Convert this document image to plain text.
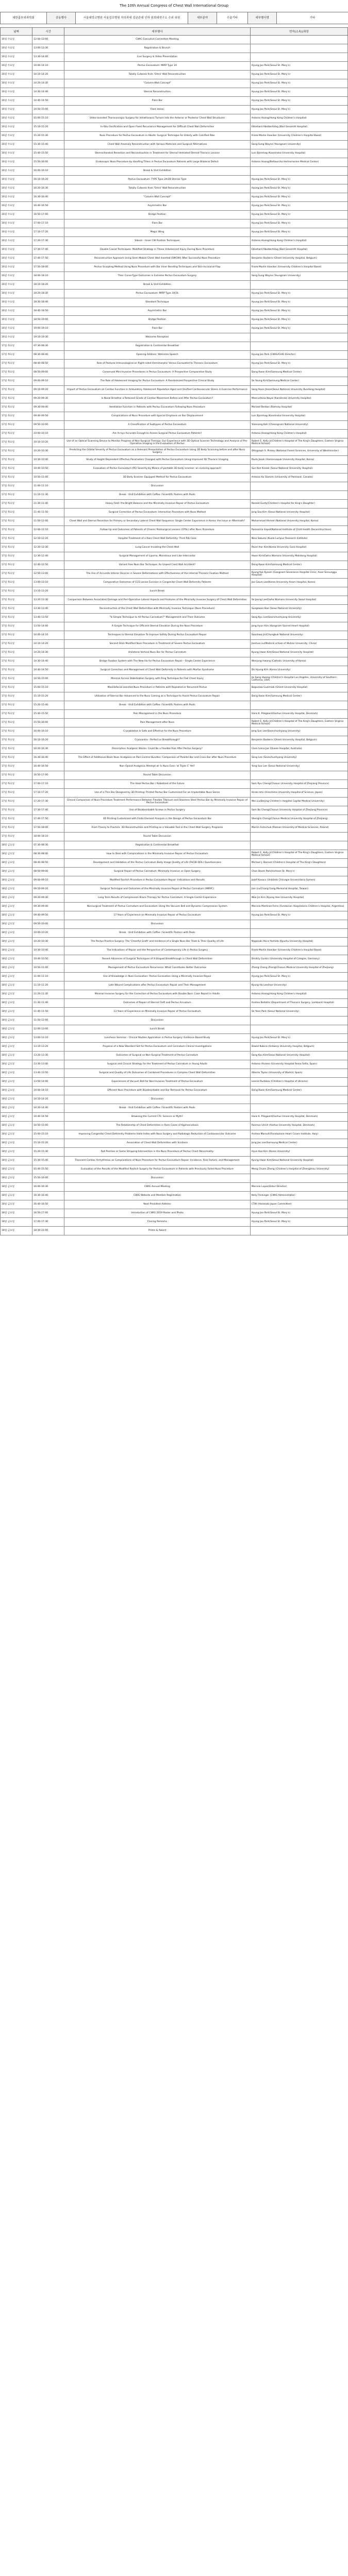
The 10th Annual Congress of Chest Wall International Group
대한흉부외과학회	공동행사	서울대학교병원 서울성모병원 차의과대 성균관대 인하 원희대연구소 수외 외원	세부분야	수술기타	세부행사명	기타
날짜	시간	세부행사	연자(소속)/좌장
16일 수요일	12:00-13:00	CWIG Executive Committee Meeting	
16일 수요일	13:00-13:30	Registration & Brunch	
16일 수요일	13:30-14:00	Live Surgery & Video Presentation	
16일 수요일	14:00-14:10	Pectus Excavatum: MIRP Type 1A	Hyung Joo Park(Seoul St. Mary's)
16일 수요일	14:10-14:20	Totally Cutaneo from 'Omni' Wall Reconstruction	Hyung Joo Park(Seoul St. Mary's)
16일 수요일	14:20-14:30	"Column-Wall Concept"	Hyung Joo Park(Seoul St. Mary's)
16일 수요일	14:30-14:40	Sternal Reconstruction	Hyung Joo Park(Seoul St. Mary's)
16일 수요일	14:40-14:50	Flare Bar	Hyung Joo Park(Seoul St. Mary's)
16일 수요일	14:50-15:00	Flare lesion	Hyung Joo Park(Seoul St. Mary's)
16일 수요일	15:00-15:10	Video-assisted Thoracoscopic Surgery for Intrathoracic Tumors Into the Anterior or Posterior Chest Wall Structures	Antonio Hoang(Hong Kong Children's Hospital)
16일 수요일	15:10-15:20	In-Situ Ossification and Open Fixed Recurrence Management for Difficult Chest Wall Deformities	Ekkehard Abolbertidag (Bad Gesamth Hospital)
16일 수요일	15:20-15:30	Nuss Procedure for Pectus Excavatum in Adults: Surgical Technique for Elderly with Calcified Ribs	Frank-Martin Haecker (University Children's Hospital Basel)
16일 수요일	15:30-15:40	Chest Wall Anomaly Reconstruction with Various Materials and Surgical Alternatives	Sang-Sung Wayne (Yeungnam University)
16일 수요일	15:40-15:50	Sternochondral Resection and Reconstruction in Treatment for Sternal Hemiated Sternal-Thoracic Lesions	Luis Bjornhag (Karolinska University Hospital)
16일 수요일	15:50-16:00	Endoscopic Nuss Procedure by Hanifing Tillers in Pectus Excavatum Patients with Large Bilateral Defect	Antonio Hoang(Beltoursha Hertromarien Medical Center)
16일 수요일	16:00-16:10	Break & Visit Exhibition	
16일 수요일	16:10-16:20	Pectus Excavatum: TYPE Type 2A/2B Sternal Type	Hyung Joo Park(Seoul St. Mary's)
16일 수요일	16:20-16:30	Totally Cutaneo from 'Omni' Wall Reconstruction	Hyung Joo Park(Seoul St. Mary's)
16일 수요일	16:30-16:40	"Column-Wall Concept"	Hyung Joo Park(Seoul St. Mary's)
16일 수요일	16:40-16:50	Asymmetric Bar	Hyung Joo Park(Seoul St. Mary's)
16일 수요일	16:50-17:00	Bridge Position	Hyung Joo Park(Seoul St. Mary's)
16일 수요일	17:00-17:10	Flare Bar	Hyung Joo Park(Seoul St. Mary's)
16일 수요일	17:10-17:20	Magic Wing	Hyung Joo Park(Seoul St. Mary's)
16일 수요일	17:20-17:30	Sibson - Inner CW Fixation Techniques	Antonio Hoang(Hong Kong Children's Hospital)
16일 수요일	17:30-17:40	Double Cassel Techniques: Modified Strategy in Those Unbalanced Injury During Nuss Procedure	Ekkehard Abolbertidag (Bad Gesamth Hospital)
16일 수요일	17:40-17:50	Reconstructive Approach Using Semi-Mobile Chest Wall Inserted (SMCWI) After Successful Nuss Procedure	Benjamin Barbera (Ghent University Hospital, Belgium)
16일 수요일	17:50-18:00	Pectus Sculpting Method Using Nuss Procedure with Bar Inner Bending Techniques and Skin-Incisional Flap	Frank-Martin Haecker (University Children's Hospital Basel)
16일 수요일	18:00-18:10	Their Carve-Type Outcomes in Extreme Pectus Excavatum Surgery	Sang-Sung Wayne (Yeungnam University)
16일 수요일	18:10-18:20	Break & Visit Exhibition	
16일 수요일	18:20-18:30	Pectus Excavatum: MIRP Type 3A/3L	Hyung Joo Park(Seoul St. Mary's)
16일 수요일	18:30-18:40	Standard Technique	Hyung Joo Park(Seoul St. Mary's)
16일 수요일	18:40-18:50	Asymmetric Bar	Hyung Joo Park(Seoul St. Mary's)
16일 수요일	18:50-19:00	Bridge Position	Hyung Joo Park(Seoul St. Mary's)
16일 수요일	19:00-19:10	Flare Bar	Hyung Joo Park(Seoul St. Mary's)
16일 수요일	19:10-19:30	Welcome Reception	
17일 목요일	07:30-08:30	Registration & Continental Breakfast	
17일 목요일	08:30-08:40	Opening Address: Welcome Speech	Hyung Joo Park (CWIG/CHIG Director)
17일 목요일	08:40-08:50	Role of Postural Immunological on Right-sided Hemimorphic Versus Excavated to Thoracic Excavatum	Hyung Joo Park(Seoul St. Mary's)
17일 목요일	08:50-09:00	Conserved Mini-Invasive Procedures in Pectus Excavatum: A Prospective Comparative Study	Dong Kwan Kim(Samsung Medical Center)
17일 목요일	09:00-09:10	The Role of Adolescent Imaging for Pectus Excavatum: A Randomized Prospective Clinical Study	Se Young Kim(Samsung Medical Center)
17일 목요일	09:10-09:20	Impact of Pectus Excavatum on Cardiac Function in Ambulatory Adolescent Population Aged and Ossified Cardiovascular Stress in Exercise Performance	Sang Hoon Jheon(Seoul National University Bundang Hospital)
17일 목요일	09:20-09:30	Is Nasal Breather a Retained Grade of Cardiac Movement Before and After Pectus Excavatum?	Meerushkaa Nayal (Karolinska University Hospital)
17일 목요일	09:30-09:40	Ventilation Function in Patients with Pectus Excavatum Following Nuss Procedure	Michael Berbas (Ramsey Hospital)
17일 목요일	09:40-09:50	Complications of Nuss Procedure with Special Emphasis on Bar Displacement	Luis Bjornhag (Karolinska University Hospital)
17일 목요일	09:50-10:00	A Classification of Subtypes of Pectus Excavatum	Yoonsang Koh (Cheongnam National University)
17일 목요일	10:00-10:10	Are X-rays Accurate Enough to Assess Surgical Pectus Excavatum Patients?	Antonio Hoang(Hong Kong Children's Hospital)
17일 목요일	10:10-10:20	Use of an Optical Scanning Device to Monitor Progress of Non-Surgical Therapy: Our Experience with 3D Optical Scanner Technology and Analysis of Pre-Operative Imaging in the Evaluation of Pectus	Robert E. Kelly Jr(Children's Hospital of The King's Daughters, Eastern Virginia Medical School)
17일 목요일	10:20-10:30	Predicting the Orbital Severity of Pectus Excavatum as a Relevant Presentation of Pectus Excavatum Using 3D Body Scanning before and after Nuss Surgery	Ottograph S. Pinkey (National Forest Sciences, University of Westminster)
17일 목요일	10:30-10:40	Study of Height-Dependent Effective Parameters Changed with Pectus Excavatum Using Improved 3D Thoracic Imaging	Pavla Jasek (Hamonsapuk University Hospital, Korea)
17일 목요일	10:40-10:50	Evaluation of Pectus Excavatum (PE) Severity by Means of portable 3D body scanner: an evolving approach	Sun Kee Kiseok (Seoul National University Hospital)
17일 목요일	10:50-11:00	3D Body Scanner Equipped Method for Pectus Excavatum	Antonio Ko Siomim (University of Parkland, Canada)
17일 목요일	11:00-11:10	Discussion	
17일 목요일	11:10-11:30	Break · Visit Exhibition with Coffee / Scientific Posters with Pools	
17일 목요일	11:30-11:40	Heavy Field: the Bright Balance and the Minimally Invasive Repair of Pectus Excavatum	Ronald Gusty(Children's Hospital for King's Daughter)
17일 목요일	11:40-11:50	Surgical Correction of Pectus Excavatum: Interaction Procedure with Nuss Method	Jong Soo Kim (Seoul National University Hospital)
17일 목요일	11:50-12:00	Chest Wall and Sternal Resection for Primary or Secondary Lateral Chest Wall Sequence: Single Center Experience in Korea: the Issue or Aftermath?	Mohammad Ahmed (National University Hospital, Korea)
17일 목요일	12:00-12:10	Follow-Up and Outcomes of Patients of Chronic Postsurgical Lesions (CPSL) after Nuss Procedure	Ramezina Gopal(National Institute of Child Health Deconstructions)
17일 목요일	12:10-12:20	Hospital Treatment of a Rare Chest Wall Deformity: Third Rib Case	Nina Sakurai (Kuala Lumpur Research Institute)
17일 목요일	12:20-12:30	Lung Cancer Invading the Chest Wall	Pavel Ihor Kim(Korea University Guro Hospital)
17일 목요일	12:30-12:40	Surgical Management of Lipoma, Monstrous and Like Intercostal	Hwan Kim(Ewha Womans University Mokdong Hospital)
17일 목요일	12:40-12:50	Variant Free Nuss Bar Technique: An Unwed Crest Wall Accident?	Dong Kwan Kim(Samsung Medical Center)
17일 목요일	12:50-13:00	The Use of Accurate Interior Devices in Severe Deformations with Effectiveness of the Internal Thoracic Fixation Method	Kyung-Yuk Ryeom (Gangnam Severance Hospital Clinic, Asan Sinsunggu Hospital)
17일 목요일	13:00-13:10	Comparative Outcomes of CCS Lesion Excision in Congenital Chest Wall Deformity Patients	Jae Geum Lee(Korea University Anam Hospital, Korea)
17일 목요일	13:10-13:20	Lunch Break	
17일 목요일	13:20-13:30	Comparison Between Associated Damage and Peri-Operative Lateral Aspects and Features of the Minimally Invasive Surgery of Chest Wall Deformities	So Jeong Lee(Ewha Womans University Seoul Hospital)
17일 목요일	13:30-13:40	Reconstruction of the Chest Wall Deformities with Minimally Invasive Technique (Nuss Procedure)	Sungkwon Bae (Seoul National University)
17일 목요일	13:40-13:50	"Is Simple Technique to All Pectus Carinatum?" Management and Their Outcome	Sang Kyu Lee(Soonchunhyang University)
17일 목요일	13:50-14:00	A Simple Technique for Efficient Sternal Elevation During the Nuss Procedure	Jong Hyun Kim (Kangnam Sacred Heart Hospital)
17일 목요일	14:00-14:10	Techniques to Sternal Elevation To Improve Safety During Pectus Excavatum Repair	Soonhwa Jin(Chungbuk National University)
17일 목요일	14:10-14:20	Second Stick Modified Nuss Procedure in Treatment of Severe Pectus Excavatum	Jianhua Liu(Medical school of Wuhan University, China)
17일 목요일	14:20-14:30	Unilateral Vertical Nuss Bar for Pectus Carinatum	Kyung Hwan Kim(Seoul National University Hospital)
17일 목요일	14:30-14:40	Bridge Fixation System with The New Ilio for Pectus Excavatum Repair - Single Center Experience	Wonjung Hwang (Catholic University of Korea)
17일 목요일	14:40-14:50	Surgical Correction and Management of Chest Wall Deformity in Patients with Marfan Syndrome	Do Hyung Kim (Korea University)
17일 목요일	14:50-15:00	Minimal Access Stabilization Surgery with Ring Technique for Flail Chest Injury	Jai Sang Hwang (Children's Hospital Los Angeles, University of Southern California, USA)
17일 목요일	15:00-15:10	Maxillofacial-assisted Nuss Procedure in Patients with Repeated or Recurrent Pectus	Boguslaw Guzimiak (Ghent University Hospital)
17일 목요일	15:10-15:20	Utilization of Sternal Bar Advanced to the Nuss Coming as a Technique to Assist Pectus Excavatum Repair	Dong Kwan Kim(Samsung Medical Center)
17일 목요일	15:20-15:40	Break · Visit Exhibition with Coffee / Scientific Posters with Pools	
17일 목요일	15:40-15:50	Pain Management in the Nuss Procedure	Hans K. Pilegaard(Aarhus University Hospital, Denmark)
17일 목요일	15:50-16:00	Pain Management after Nuss	Robert E. Kelly Jr(Children's Hospital of The King's Daughters, Eastern Virginia Medical School)
17일 목요일	16:00-16:10	Cryoablation Is Safe and Effective for the Nuss Procedure	Jong Sun Lee(Soonchunhyang University)
17일 목요일	16:10-16:20	Cryocontra - Perfect or Breakthrough?	Benjamin Barbera (Ghent University Hospital, Belgium)
17일 목요일	16:20-16:30	Prescription Analgesic Blocks: Could Be a Flexible Risk After Pectus Surgery?	Clare Ivana Joe (Queen Hospital, Australia)
17일 목요일	16:30-16:40	The Effect of Additional Block Nuss Analgesia on Pain Control Bundles: Comparison of Parallel Bar and Cross Bar after Nuss Procedure	Seng Lee (Soonchunhyang University)
17일 목요일	16:40-16:50	Non-Opioid Analgesia Attempt at: Is Nuss Even 'at Triple C' Yet?	Yong Soo Lee (Seoul National University)
17일 목요일	16:50-17:00	Round Table Discussion	
17일 목요일	17:00-17:10	The Ideal Pectus Bar / Robotized of the Future	Sam Ryu Cheng(Chosun University Hospital of Zhejiang Province)
17일 목요일	17:10-17:20	Use of a Thin Bar Designed by 3D Printing: Printed Pectus Bar Customized For an Implantable Nuss Series	Hiroki Ishii (Hiroshima University Hospital of Science, Japan)
17일 목요일	17:20-17:30	Clinical Comparison of Nuss Procedure Treatment Performance Between Flexible Titanium and Stainless Steel Pectus Bar by Minimally Invasive Repair of Pectus Excavatum	Wei Liu(Beijing Children's Hospital Capital Medical University)
17일 목요일	17:30-17:40	Use of Bioabsorbable Screws in Pectus Surgery	Sam Bo Cheng(Chosun University Hospital of Zhejiang Province)
17일 목요일	17:40-17:50	3D Printing Customized with Finite Element Analysis in the Design of Pectus Excavatum Bar	Shenglin Cheng(Chosun Medical University Hospital of Zhejiang)
17일 목요일	17:50-18:00	From Theory to Practice: 3D Reconstruction and Printing as a Valuable Tool in the Chest Wall Surgery Programs	Marcin Fomichuk (Poznan University of Medical Sciences, Poland)
17일 목요일	18:00-18:10	Round Table Discussion	
18일 금요일	07:30-08:30	Registration & Continental Breakfast	
18일 금요일	08:30-08:40	How to Deal with Complications in the Minimally Invasive Repair of Pectus Excavatum	Robert E. Kelly Jr(Children's Hospital of The King's Daughters, Eastern Virginia Medical School)
18일 금요일	08:40-08:50	Development and Validation of the Pectus Carinatum Body Image Quality of Life (PeCBI-QOL) Questionnaire	Michael J. Bonnet (Children's Hospital of The King's Daughters)
18일 금요일	08:50-09:00	Surgical Repair of Pectus Carinatum: Minimally Invasive vs Open Surgery	Chan Beom Park(Incheon St. Mary's)
18일 금요일	09:00-09:10	Modified Ravitch Procedure in Pectus Excavatum Repair: Indications and Results	Jozef Kovacs (Uniklinik Chirurgie Universitaria Sumen)
18일 금요일	09:10-09:20	Surgical Technique and Outcomes of the Minimally Invasive Repair of Pectus Carinatum (MIRPC)	Jian Liu(Chang Gung Memorial Hospital, Taiwan)
18일 금요일	09:20-09:30	Long Term Results of Compression Brace Therapy for Pectus Carinatum: A Single Center Experience	Woo Jin Kim (Kyung Hee University Hospital)
18일 금요일	09:30-09:40	Nonsurgical Treatment of Pectus Carinatum and Excavatum Using the Vacuum Bell and Dynamic Compression System	Marcelo Martinez-Ferro (Fundacion Hospitalaria Children's Hospital, Argentina)
18일 금요일	09:40-09:50	17 Years of Experience on Minimally Invasive Repair of Pectus Excavatum	Hyung Joo Park(Seoul St. Mary's)
18일 금요일	09:50-10:00	Discussion	
18일 금요일	10:00-10:20	Break · Visit Exhibition with Coffee / Scientific Posters with Pools	
18일 금요일	10:20-10:30	The Pectus Practice Surgery: The 'Cheerful Graft' and Incidence of a Single Nuss Bar Trials & Their Quality of Life	Nagasaki Akira Yoshida (Kyushu University Hospital)
18일 금요일	10:30-10:40	The Indications of Repair and the Perspective of Contemporary Life in Pectus Surgery	Frank-Martin Haecker (University Children's Hospital Basel)
18일 금요일	10:40-10:50	Recent Advances of Surgical Techniques of X-Shaped Breakthrough in Chest Wall Deformities	Dmitriy Gurkin (University Hospital of Cologne, Germany)
18일 금요일	10:50-11:00	Management of Pectus Excavatum Recurrence: What Constitutes Better Outcomes	Zheng Cheng Zheng(Chosun Medical University Hospital of Zhejiang)
18일 금요일	11:00-11:10	Use of Knowledge in Nuss Excavation: Pectus Excavation Using a Minimally Invasive Repair	Hyung Joo Park(Seoul St. Mary's)
18일 금요일	11:10-11:20	Late Wound Complications after Pectus Excavatum Repair and Their Management	Kyung-Ho Lee(Inje University)
18일 금요일	11:20-11:30	Minimal Invasive Surgery for the Correction of Pectus Excavatum with Double Bars: Case Report in Adults	Antonio Hoang(Hong Kong Children's Hospital)
18일 금요일	11:30-11:40	Outcomes of Repair of Sternal Cleft and Pectus Arcuatum	Andrea Bellatini (Department of Thoracic Surgery, Lombardi Hospital)
18일 금요일	11:40-11:50	13 Years of Experience on Minimally Invasive Repair of Pectus Excavatum	Se Yeon Park (Seoul National University)
18일 금요일	11:50-12:00	Discussion	
18일 금요일	12:00-13:00	Lunch Break	
18일 금요일	13:00-13:10	Luncheon Seminar - Clinical Studies Application in Pectus Surgery: Evidence Based Study	Hyung Joo Park(Seoul St. Mary's)
18일 금요일	13:10-13:20	Proposal of a New Standard Set for Pectus Excavatum and Carinatum Clinical Investigations	Dawid Kubica (Antwerp University Hospital, Belgium)
18일 금요일	13:20-13:30	Outcomes of Surgical vs Non-Surgical Treatment of Pectus Carinatum	Sang Kyu Kim(Seoul National University Hospital)
18일 금요일	13:30-13:40	Surgical and Clinical Strategy for the Treatment of Pectus Carinatum in Young Adults	Antonio Alvarez (University Hospital Reina Sofia, Spain)
18일 금요일	13:40-13:50	Surgical and Quality of Life Outcomes of Combined Procedures in Complex Chest Wall Deformities	Alberto Taylor (University of Madrid, Spain)
18일 금요일	13:50-14:00	Experiences of Vacuum Bell for Non-Invasive Treatment of Pectus Excavatum	Leonid Rudakov (Children's Hospital of Ukraine)
18일 금요일	14:00-14:10	Efficient Nuss Procedure with Bioabsorbable and Bar Removal for Pectus Excavatum	Dong Kwan Kim(Samsung Medical Center)
18일 금요일	14:10-14:20	Discussion	
18일 금요일	14:20-14:40	Break · Visit Exhibition with Coffee / Scientific Posters with Pools	
18일 금요일	14:40-14:50	Browsing the Current CTs: Science or Myth?	Hans K. Pilegaard(Aarhus University Hospital, Denmark)
18일 금요일	14:50-15:00	The Relationship of Chest Deformities in Rare Cases of Kyphoscoliosis	Rasmus Ulrich (Aarhus University Hospital, Denmark)
18일 금요일	15:00-15:10	Improving Congenital Chest Deformity Problems Halle Index with Nuss Surgery and Radiologic Reduction of Cardiovascular Outcome	Andrea Marnulli(Fondazione Heart Cicare Institute, Italy)
18일 금요일	15:10-15:20	Association of Chest Wall Deformities with Scoliosis	Jong Jae Lee(Samsung Medical Center)
18일 금요일	15:20-15:30	Roll Position or Same Stripping Intervention in the Nuss Procedure of Pectus Chest Abnormality	Hyun Koo Kim (Korea University)
18일 금요일	15:30-15:40	Transient Cardiac Arrhythmias as Complications of Nuss Procedure for Pectus Excavatum Repair: Incidence, Risk Factors, and Management	Kyung Hwan Kim(Seoul National University Hospital)
18일 금요일	15:40-15:50	Evaluation of the Results of the Modified Ravitch Surgery for Pectus Excavatum in Patients with Previously Failed Nuss Procedure	Meng Chuen Zheng (Children's Hospital of Zhengzhou University)
18일 금요일	15:50-16:00	Discussion	
18일 금요일	16:00-16:30	CWIG Annual Meeting	Marcelo Lopez(Ekbvl Director)
18일 금요일	16:30-16:40	CWIG Website and Member Registration	Kelly Flickinger (CWIG Administrator)
18일 금요일	16:40-16:50	Next President Address	CTW (Hanasaki Japan Committee)
18일 금요일	16:50-17:00	Introduction of CWIG 2019 Poster and Photo	Hyung Joo Park(Seoul St. Mary's)
18일 금요일	17:00-17:30	Closing Remarks	Hyung Joo Park(Seoul St. Mary's)
18일 금요일	18:30-21:00	Prizes & Award	
